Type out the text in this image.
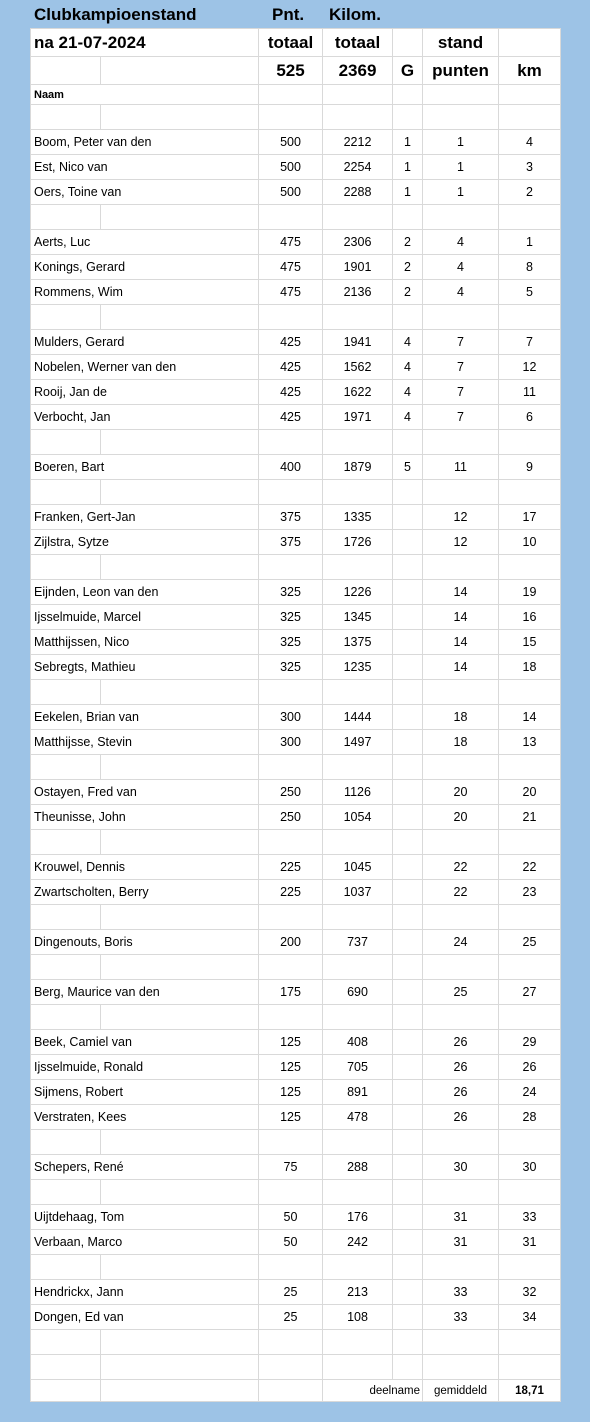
Clubkampioenstand	Pnt. Kilom.
na 21-07-2024		totaal	totaal		stand	
		525	2369	G	punten	km
Naam						

Boom, Peter van den		500	2212	1	1	4
Est, Nico van		500	2254	1	1	3
Oers, Toine van		500	2288	1	1	2

Aerts, Luc		475	2306	2	4	1
Konings, Gerard		475	1901	2	4	8
Rommens, Wim		475	2136	2	4	5

Mulders, Gerard		425	1941	4	7	7
Nobelen, Werner van den		425	1562	4	7	12
Rooij, Jan de		425	1622	4	7	11
Verbocht, Jan		425	1971	4	7	6

Boeren, Bart		400	1879	5	11	9

Franken, Gert-Jan		375	1335		12	17
Zijlstra, Sytze		375	1726		12	10

Eijnden, Leon van den		325	1226		14	19
Ijsselmuide, Marcel		325	1345		14	16
Matthijssen, Nico		325	1375		14	15
Sebregts, Mathieu		325	1235		14	18

Eekelen, Brian van		300	1444		18	14
Matthijsse, Stevin		300	1497		18	13

Ostayen, Fred van		250	1126		20	20
Theunisse, John		250	1054		20	21

Krouwel, Dennis		225	1045		22	22
Zwartscholten, Berry		225	1037		22	23

Dingenouts, Boris		200	737		24	25

Berg, Maurice van den		175	690		25	27

Beek, Camiel van		125	408		26	29
Ijsselmuide, Ronald		125	705		26	26
Sijmens, Robert		125	891		26	24
Verstraten, Kees		125	478		26	28

Schepers, René		75	288		30	30

Uijtdehaag, Tom		50	176		31	33
Verbaan, Marco		50	242		31	31

Hendrickx, Jann		25	213		33	32
Dongen, Ed van		25	108		33	34

			deelname		gemiddeld	18,71
